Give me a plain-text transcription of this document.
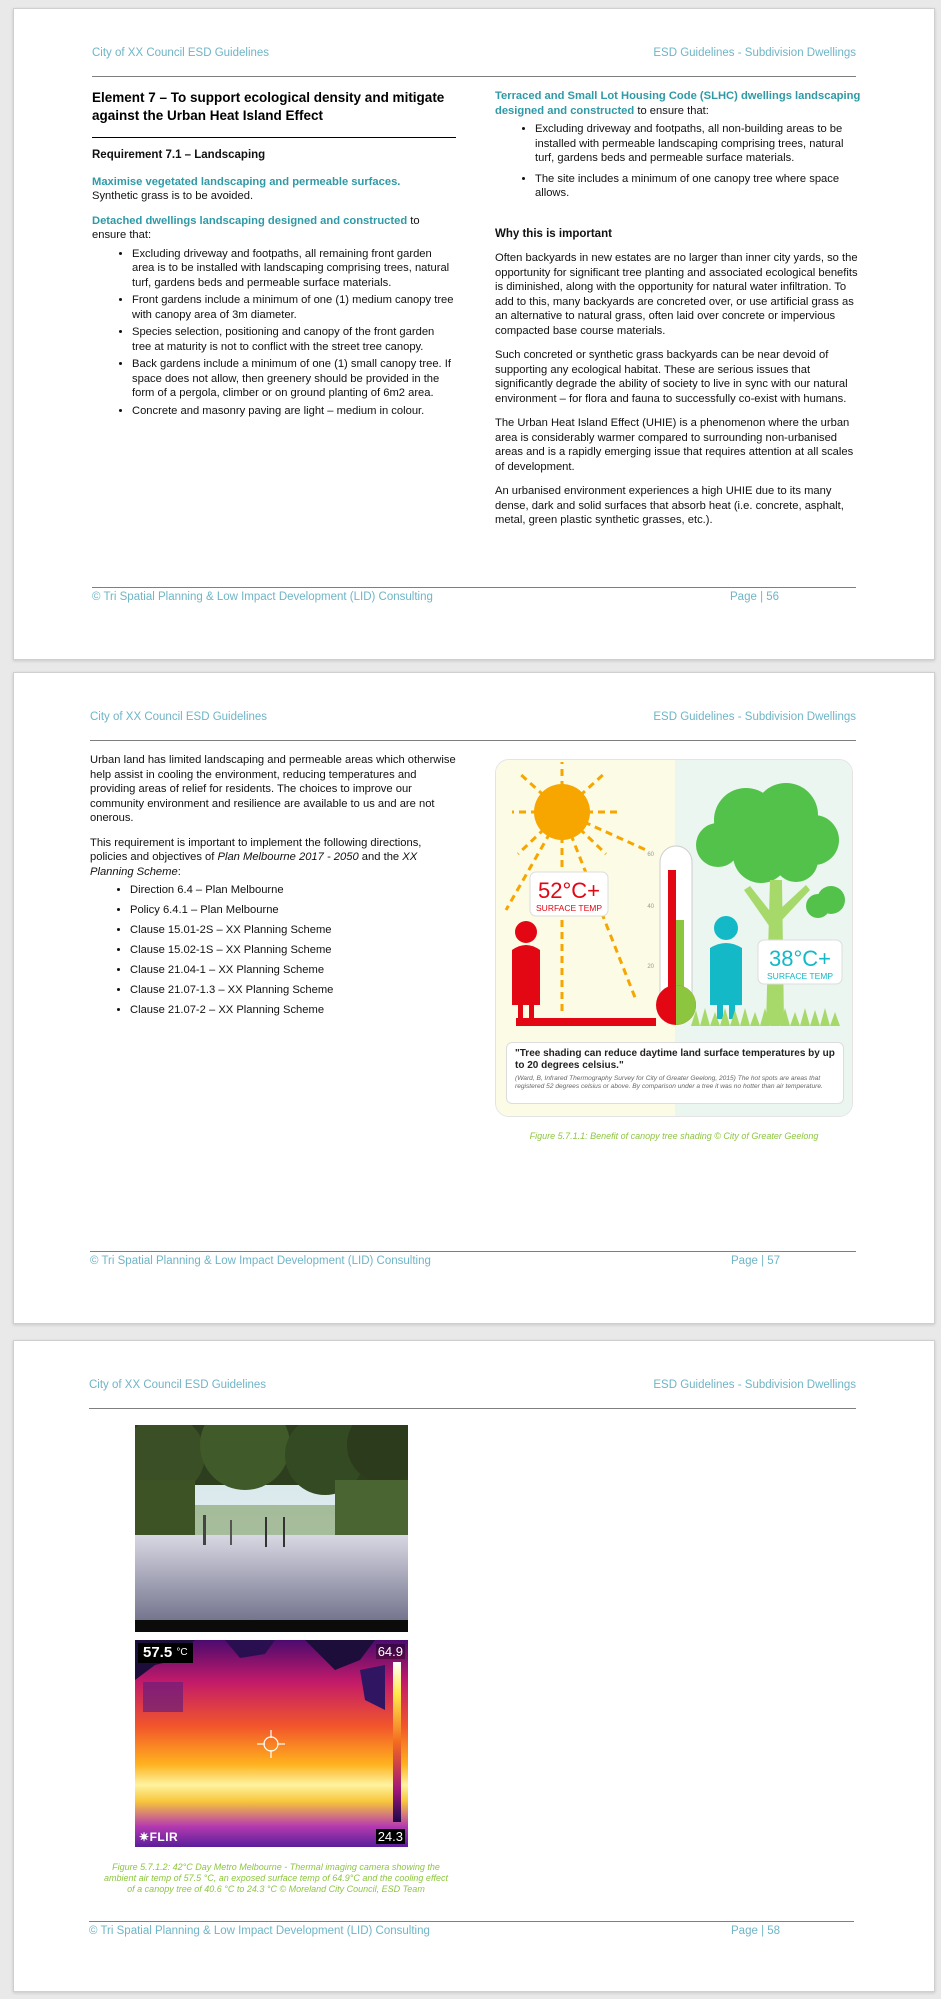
City of XX Council ESD Guidelines	ESD Guidelines - Subdivision Dwellings
Element 7 – To support ecological density and mitigate against the Urban Heat Island Effect
Requirement 7.1 – Landscaping

Maximise vegetated landscaping and permeable surfaces.
Synthetic grass is to be avoided.

Detached dwellings landscaping designed and constructed to ensure that:

• Excluding driveway and footpaths, all remaining front garden area is to be installed with landscaping comprising trees, natural turf, gardens beds and permeable surface materials.
• Front gardens include a minimum of one (1) medium canopy tree with canopy area of 3m diameter.
• Species selection, positioning and canopy of the front garden tree at maturity is not to conflict with the street tree canopy.
• Back gardens include a minimum of one (1) small canopy tree. If space does not allow, then greenery should be provided in the form of a pergola, climber or on ground planting of 6m2 area.
• Concrete and masonry paving are light – medium in colour.

Terraced and Small Lot Housing Code (SLHC) dwellings landscaping designed and constructed to ensure that:

• Excluding driveway and footpaths, all non-building areas to be installed with permeable landscaping comprising trees, natural turf, gardens beds and permeable surface materials.
• The site includes a minimum of one canopy tree where space allows.
Why this is important

Often backyards in new estates are no larger than inner city yards, so the opportunity for significant tree planting and associated ecological benefits is diminished, along with the opportunity for natural water infiltration. To add to this, many backyards are concreted over, or use artificial grass as an alternative to natural grass, often laid over concrete or impervious compacted base course materials.

Such concreted or synthetic grass backyards can be near devoid of supporting any ecological habitat. These are serious issues that significantly degrade the ability of society to live in sync with our natural environment – for flora and fauna to successfully co-exist with humans.

The Urban Heat Island Effect (UHIE) is a phenomenon where the urban area is considerably warmer compared to surrounding non-urbanised areas and is a rapidly emerging issue that requires attention at all scales of development.

An urbanised environment experiences a high UHIE due to its many dense, dark and solid surfaces that absorb heat (i.e. concrete, asphalt, metal, green plastic synthetic grasses, etc.).

© Tri Spatial Planning & Low Impact Development (LID) Consulting	Page | 56
City of XX Council ESD Guidelines	ESD Guidelines - Subdivision Dwellings

Urban land has limited landscaping and permeable areas which otherwise help assist in cooling the environment, reducing temperatures and providing areas of relief for residents. The choices to improve our community environment and resilience are available to us and are not onerous.

This requirement is important to implement the following directions, policies and objectives of Plan Melbourne 2017 - 2050 and the XX Planning Scheme:

• Direction 6.4 – Plan Melbourne
• Policy 6.4.1 – Plan Melbourne
• Clause 15.01-2S – XX Planning Scheme
• Clause 15.02-1S – XX Planning Scheme
• Clause 21.04-1 – XX Planning Scheme
• Clause 21.07-1.3 – XX Planning Scheme
• Clause 21.07-2 – XX Planning Scheme
52°C+
SURFACE TEMP
60
40
20	38°C+
SURFACE TEMP
"Tree shading can reduce daytime land surface temperatures by up to 20 degrees celsius."
(Ward, B, Infrared Thermography Survey for City of Greater Geelong, 2015) The hot spots are areas that registered 52 degrees celsius or above. By comparison under a tree it was no hotter than air temperature.
Figure 5.7.1.1: Benefit of canopy tree shading © City of Greater Geelong
© Tri Spatial Planning & Low Impact Development (LID) Consulting	Page | 57
City of XX Council ESD Guidelines	ESD Guidelines - Subdivision Dwellings
57.5 $^{^\circ C}$	64.9
24.3
✷FLIR
Figure 5.7.1.2: 42°C Day Metro Melbourne - Thermal imaging camera showing the ambient air temp of 57.5 °C, an exposed surface temp of 64.9°C and the cooling effect of a canopy tree of 40.6 °C to 24.3 °C © Moreland City Council, ESD Team
© Tri Spatial Planning & Low Impact Development (LID) Consulting	Page | 58
